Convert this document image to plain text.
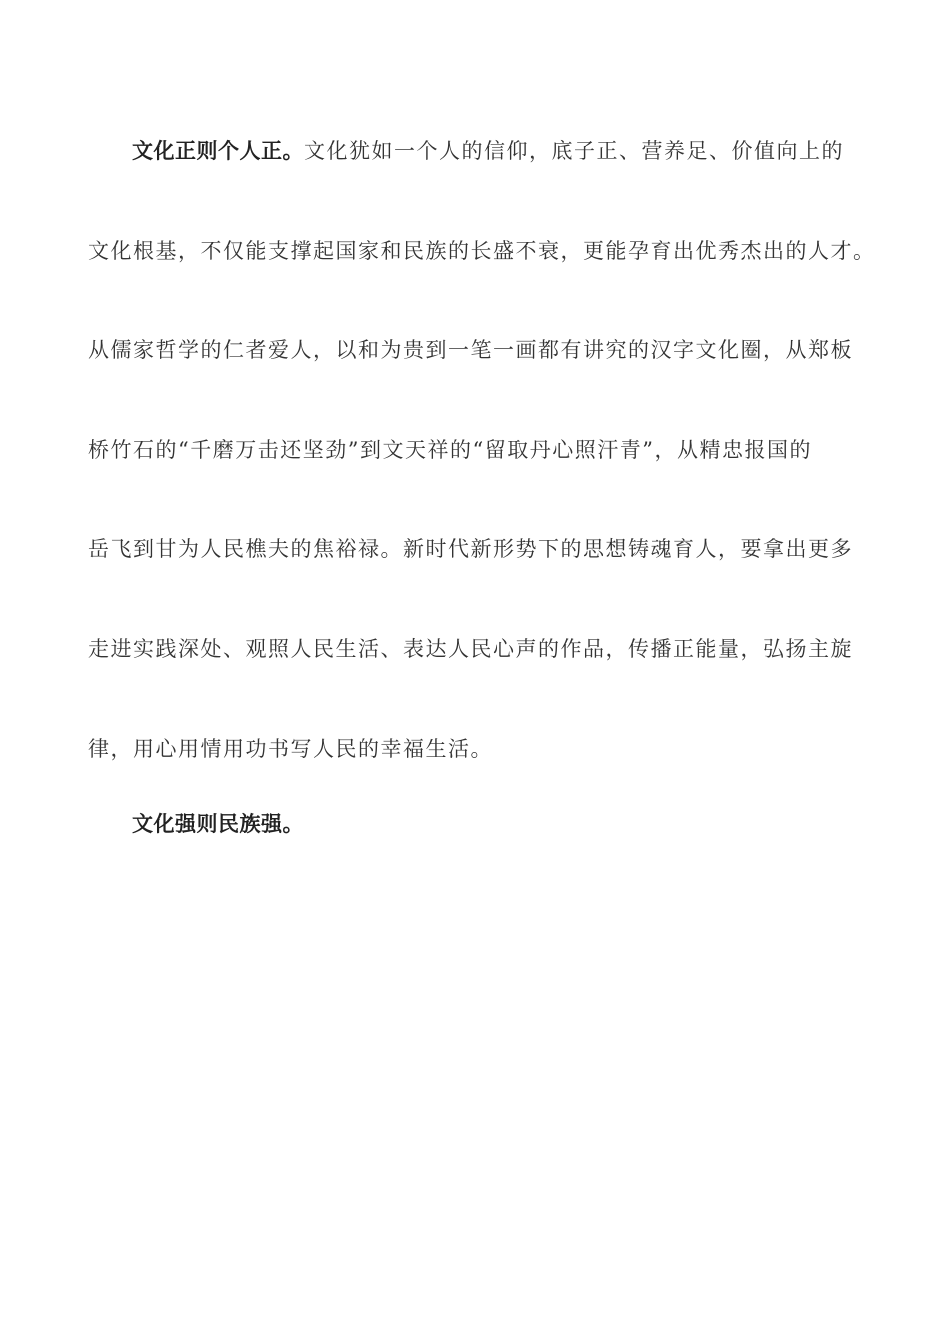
文化正则个人正。文化犹如一个人的信仰，底子正、营养足、价值向上的
文化根基，不仅能支撑起国家和民族的长盛不衰，更能孕育出优秀杰出的人才。
从儒家哲学的仁者爱人，以和为贵到一笔一画都有讲究的汉字文化圈，从郑板
桥竹石的“千磨万击还坚劲”到文天祥的“留取丹心照汗青”，从精忠报国的
岳飞到甘为人民樵夫的焦裕禄。新时代新形势下的思想铸魂育人，要拿出更多
走进实践深处、观照人民生活、表达人民心声的作品，传播正能量，弘扬主旋
律，用心用情用功书写人民的幸福生活。
文化强则民族强。
